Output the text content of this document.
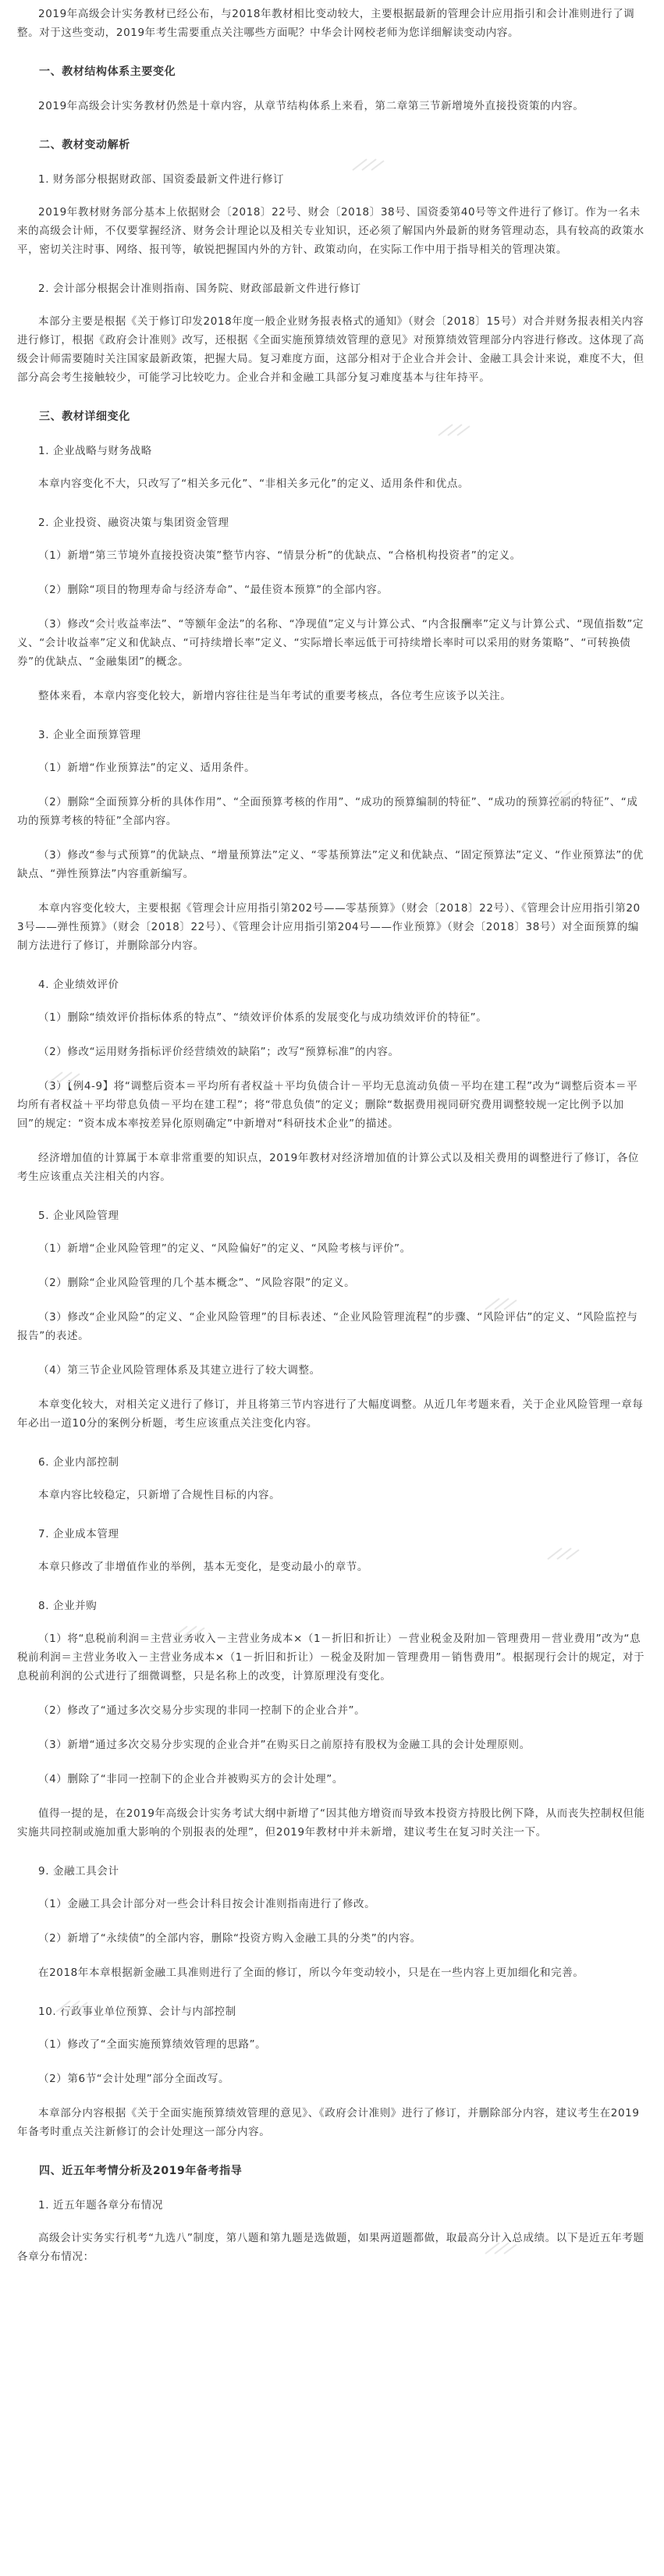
2019年高级会计实务教材已经公布，与2018年教材相比变动较大，主要根据最新的管理会计应用指引和会计准则进行了调整。对于这些变动，2019年考生需要重点关注哪些方面呢？中华会计网校老师为您详细解读变动内容。

一、教材结构体系主要变化

2019年高级会计实务教材仍然是十章内容，从章节结构体系上来看，第二章第三节新增境外直接投资策的内容。

二、教材变动解析

1. 财务部分根据财政部、国资委最新文件进行修订

2019年教材财务部分基本上依据财会〔2018〕22号、财会〔2018〕38号、国资委第40号等文件进行了修订。作为一名未来的高级会计师，不仅要掌握经济、财务会计理论以及相关专业知识，还必须了解国内外最新的财务管理动态，具有较高的政策水平，密切关注时事、网络、报刊等，敏锐把握国内外的方针、政策动向，在实际工作中用于指导相关的管理决策。

2. 会计部分根据会计准则指南、国务院、财政部最新文件进行修订

本部分主要是根据《关于修订印发2018年度一般企业财务报表格式的通知》（财会〔2018〕15号）对合并财务报表相关内容进行修订，根据《政府会计准则》改写，还根据《全面实施预算绩效管理的意见》对预算绩效管理部分内容进行修改。这体现了高级会计师需要随时关注国家最新政策，把握大局。复习难度方面，这部分相对于企业合并会计、金融工具会计来说，难度不大，但部分高会考生接触较少，可能学习比较吃力。企业合并和金融工具部分复习难度基本与往年持平。

三、教材详细变化

1. 企业战略与财务战略

本章内容变化不大，只改写了“相关多元化”、“非相关多元化”的定义、适用条件和优点。

2. 企业投资、融资决策与集团资金管理

（1）新增“第三节境外直接投资决策”整节内容、“情景分析”的优缺点、“合格机构投资者”的定义。

（2）删除“项目的物理寿命与经济寿命”、“最佳资本预算”的全部内容。

（3）修改“会计收益率法”、“等额年金法”的名称、“净现值”定义与计算公式、“内含报酬率”定义与计算公式、“现值指数”定义、“会计收益率”定义和优缺点、“可持续增长率”定义、“实际增长率远低于可持续增长率时可以采用的财务策略”、“可转换债券”的优缺点、“金融集团”的概念。

整体来看，本章内容变化较大，新增内容往往是当年考试的重要考核点，各位考生应该予以关注。

3. 企业全面预算管理

（1）新增“作业预算法”的定义、适用条件。

（2）删除“全面预算分析的具体作用”、“全面预算考核的作用”、“成功的预算编制的特征”、“成功的预算控制的特征”、“成功的预算考核的特征”全部内容。

（3）修改“参与式预算”的优缺点、“增量预算法”定义、“零基预算法”定义和优缺点、“固定预算法”定义、“作业预算法”的优缺点、“弹性预算法”内容重新编写。

本章内容变化较大，主要根据《管理会计应用指引第202号——零基预算》（财会〔2018〕22号）、《管理会计应用指引第203号——弹性预算》（财会〔2018〕22号）、《管理会计应用指引第204号——作业预算》（财会〔2018〕38号）对全面预算的编制方法进行了修订，并删除部分内容。

4. 企业绩效评价

（1）删除“绩效评价指标体系的特点”、“绩效评价体系的发展变化与成功绩效评价的特征”。

（2）修改“运用财务指标评价经营绩效的缺陷”；改写“预算标准”的内容。

（3）【例4-9】将“调整后资本＝平均所有者权益＋平均负债合计－平均无息流动负债－平均在建工程”改为“调整后资本＝平均所有者权益＋平均带息负债－平均在建工程”；将“带息负债”的定义；删除“数据费用视同研究费用调整较规一定比例予以加回”的规定：“资本成本率按差异化原则确定”中新增对“科研技术企业”的描述。

经济增加值的计算属于本章非常重要的知识点，2019年教材对经济增加值的计算公式以及相关费用的调整进行了修订，各位考生应该重点关注相关的内容。

5. 企业风险管理

（1）新增“企业风险管理”的定义、“风险偏好”的定义、“风险考核与评价”。

（2）删除“企业风险管理的几个基本概念”、“风险容限”的定义。

（3）修改“企业风险”的定义、“企业风险管理”的目标表述、“企业风险管理流程”的步骤、“风险评估”的定义、“风险监控与报告”的表述。

（4）第三节企业风险管理体系及其建立进行了较大调整。

本章变化较大，对相关定义进行了修订，并且将第三节内容进行了大幅度调整。从近几年考题来看，关于企业风险管理一章每年必出一道10分的案例分析题，考生应该重点关注变化内容。

6. 企业内部控制

本章内容比较稳定，只新增了合规性目标的内容。

7. 企业成本管理

本章只修改了非增值作业的举例，基本无变化，是变动最小的章节。

8. 企业并购

（1）将“息税前利润＝主营业务收入－主营业务成本×（1－折旧和折让）－营业税金及附加－管理费用－营业费用”改为“息税前利润＝主营业务收入－主营业务成本×（1－折旧和折让）－税金及附加－管理费用－销售费用”。根据现行会计的规定，对于息税前利润的公式进行了细微调整，只是名称上的改变，计算原理没有变化。

（2）修改了“通过多次交易分步实现的非同一控制下的企业合并”。

（3）新增“通过多次交易分步实现的企业合并”在购买日之前原持有股权为金融工具的会计处理原则。

（4）删除了“非同一控制下的企业合并被购买方的会计处理”。

值得一提的是，在2019年高级会计实务考试大纲中新增了“因其他方增资而导致本投资方持股比例下降，从而丧失控制权但能实施共同控制或施加重大影响的个别报表的处理”，但2019年教材中并未新增，建议考生在复习时关注一下。

9. 金融工具会计

（1）金融工具会计部分对一些会计科目按会计准则指南进行了修改。

（2）新增了“永续债”的全部内容，删除“投资方购入金融工具的分类”的内容。

在2018年本章根据新金融工具准则进行了全面的修订，所以今年变动较小，只是在一些内容上更加细化和完善。

10. 行政事业单位预算、会计与内部控制

（1）修改了“全面实施预算绩效管理的思路”。

（2）第6节“会计处理”部分全面改写。

本章部分内容根据《关于全面实施预算绩效管理的意见》、《政府会计准则》进行了修订，并删除部分内容，建议考生在2019年备考时重点关注新修订的会计处理这一部分内容。

四、近五年考情分析及2019年备考指导

1. 近五年题各章分布情况

高级会计实务实行机考“九选八”制度，第八题和第九题是选做题，如果两道题都做，取最高分计入总成绩。以下是近五年考题各章分布情况：
